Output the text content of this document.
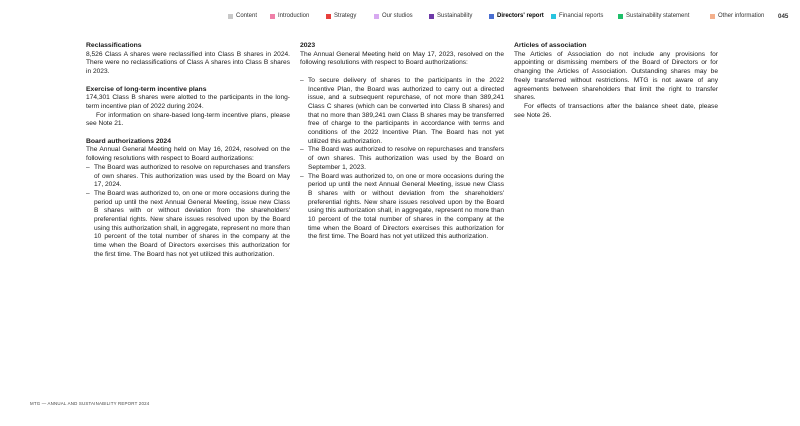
Content	Introduction	Strategy	Our studios	Sustainability	Directors' report	Financial reports	Sustainability statement	Other information 045
Reclassifications

8,526 Class A shares were reclassified into Class B shares in 2024. There were no reclassifications of Class A shares into Class B shares in 2023.

Exercise of long-term incentive plans

174,301 Class B shares were alotted to the participants in the long-term incentive plan of 2022 during 2024.

For information on share-based long-term incentive plans, please see Note 21.

Board authorizations 2024

The Annual General Meeting held on May 16, 2024, resolved on the following resolutions with respect to Board authorizations:

– The Board was authorized to resolve on repurchases and transfers of own shares. This authorization was used by the Board on May 17, 2024.
– The Board was authorized to, on one or more occasions during the period up until the next Annual General Meeting, issue new Class B shares with or without deviation from the shareholders' preferential rights. New share issues resolved upon by the Board using this authorization shall, in aggregate, represent no more than 10 percent of the total number of shares in the company at the time when the Board of Directors exercises this authorization for the first time. The Board has not yet utilized this authorization.
2023

The Annual General Meeting held on May 17, 2023, resolved on the following resolutions with respect to Board authorizations:

– To secure delivery of shares to the participants in the 2022 Incentive Plan, the Board was authorized to carry out a directed issue, and a subsequent repurchase, of not more than 389,241 Class C shares (which can be converted into Class B shares) and that no more than 389,241 own Class B shares may be transferred free of charge to the participants in accordance with terms and conditions of the 2022 Incentive Plan. The Board has not yet utilized this authorization.
– The Board was authorized to resolve on repurchases and transfers of own shares. This authorization was used by the Board on September 1, 2023.
– The Board was authorized to, on one or more occasions during the period up until the next Annual General Meeting, issue new Class B shares with or without deviation from the shareholders' preferential rights. New share issues resolved upon by the Board using this authorization shall, in aggregate, represent no more than 10 percent of the total number of shares in the company at the time when the Board of Directors exercises this authorization for the first time. The Board has not yet utilized this authorization.
Articles of association

The Articles of Association do not include any provisions for appointing or dismissing members of the Board of Directors or for changing the Articles of Association. Outstanding shares may be freely transferred without restrictions. MTG is not aware of any agreements between shareholders that limit the right to transfer shares.

For effects of transactions after the balance sheet date, please see Note 26.

MTG — ANNUAL AND SUSTAINABILITY REPORT 2024
